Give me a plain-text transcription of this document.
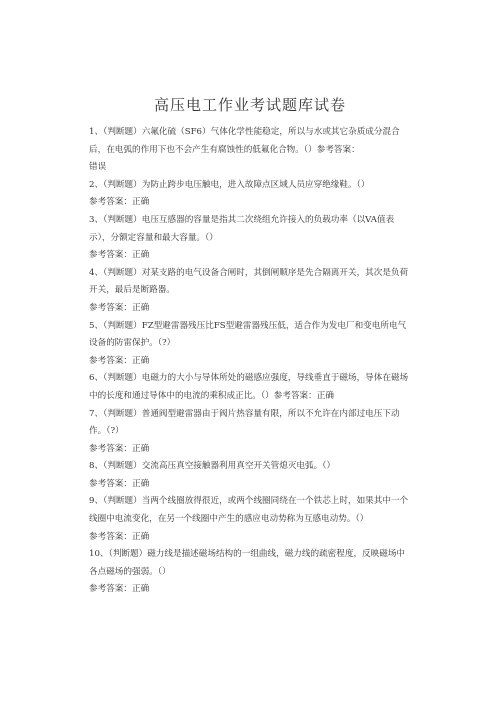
高压电工作业考试题库试卷

1、（判断题）六氟化硫（SF6）气体化学性能稳定，所以与水或其它杂质成分混合后，在电弧的作用下也不会产生有腐蚀性的低氟化合物。（）参考答案：

错误

2、（判断题）为防止跨步电压触电，进入故障点区域人员应穿绝缘鞋。（）

参考答案：正确

3、（判断题）电压互感器的容量是指其二次绕组允许接入的负载功率（以VA值表示），分额定容量和最大容量。（）

参考答案：正确

4、（判断题）对某支路的电气设备合闸时，其倒闸顺序是先合隔离开关，其次是负荷开关，最后是断路器。

参考答案：正确

5、（判断题）FZ型避雷器残压比FS型避雷器残压低，适合作为发电厂和变电所电气设备的防雷保护。（?）

参考答案：正确

6、（判断题）电磁力的大小与导体所处的磁感应强度，导线垂直于磁场，导体在磁场中的长度和通过导体中的电流的乘积成正比。（）参考答案：正确

7、（判断题）普通阀型避雷器由于阀片热容量有限，所以不允许在内部过电压下动作。（?）

参考答案：正确

8、（判断题）交流高压真空接触器利用真空开关管熄灭电弧。（）

参考答案：正确

9、（判断题）当两个线圈放得很近，或两个线圈同绕在一个铁芯上时，如果其中一个线圈中电流变化，在另一个线圈中产生的感应电动势称为互感电动势。（）

参考答案：正确

10、（判断题）磁力线是描述磁场结构的一组曲线，磁力线的疏密程度，反映磁场中各点磁场的强弱。（）

参考答案：正确
